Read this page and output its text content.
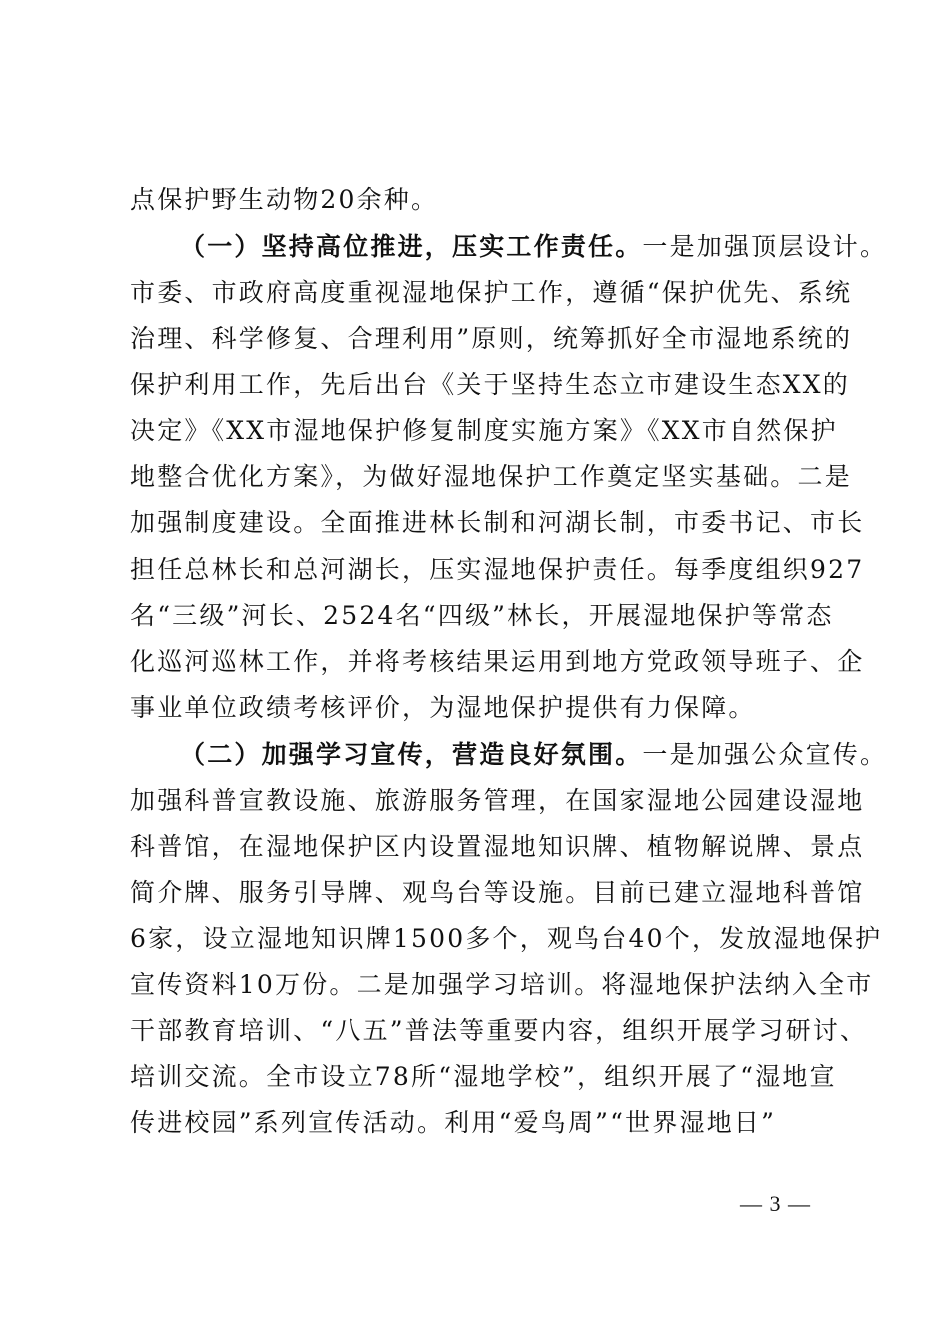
点保护野生动物20余种。
（一）坚持高位推进，压实工作责任。一是加强顶层设计。
市委、市政府高度重视湿地保护工作，遵循“保护优先、系统
治理、科学修复、合理利用”原则，统筹抓好全市湿地系统的
保护利用工作，先后出台《关于坚持生态立市建设生态XX的
决定》《XX市湿地保护修复制度实施方案》《XX市自然保护
地整合优化方案》，为做好湿地保护工作奠定坚实基础。二是
加强制度建设。全面推进林长制和河湖长制，市委书记、市长
担任总林长和总河湖长，压实湿地保护责任。每季度组织927
名“三级”河长、2524名“四级”林长，开展湿地保护等常态
化巡河巡林工作，并将考核结果运用到地方党政领导班子、企
事业单位政绩考核评价，为湿地保护提供有力保障。
（二）加强学习宣传，营造良好氛围。一是加强公众宣传。
加强科普宣教设施、旅游服务管理，在国家湿地公园建设湿地
科普馆，在湿地保护区内设置湿地知识牌、植物解说牌、景点
简介牌、服务引导牌、观鸟台等设施。目前已建立湿地科普馆
6家，设立湿地知识牌1500多个，观鸟台40个，发放湿地保护
宣传资料10万份。二是加强学习培训。将湿地保护法纳入全市
干部教育培训、“八五”普法等重要内容，组织开展学习研讨、
培训交流。全市设立78所“湿地学校”，组织开展了“湿地宣
传进校园”系列宣传活动。利用“爱鸟周”“世界湿地日”
— 3 —
